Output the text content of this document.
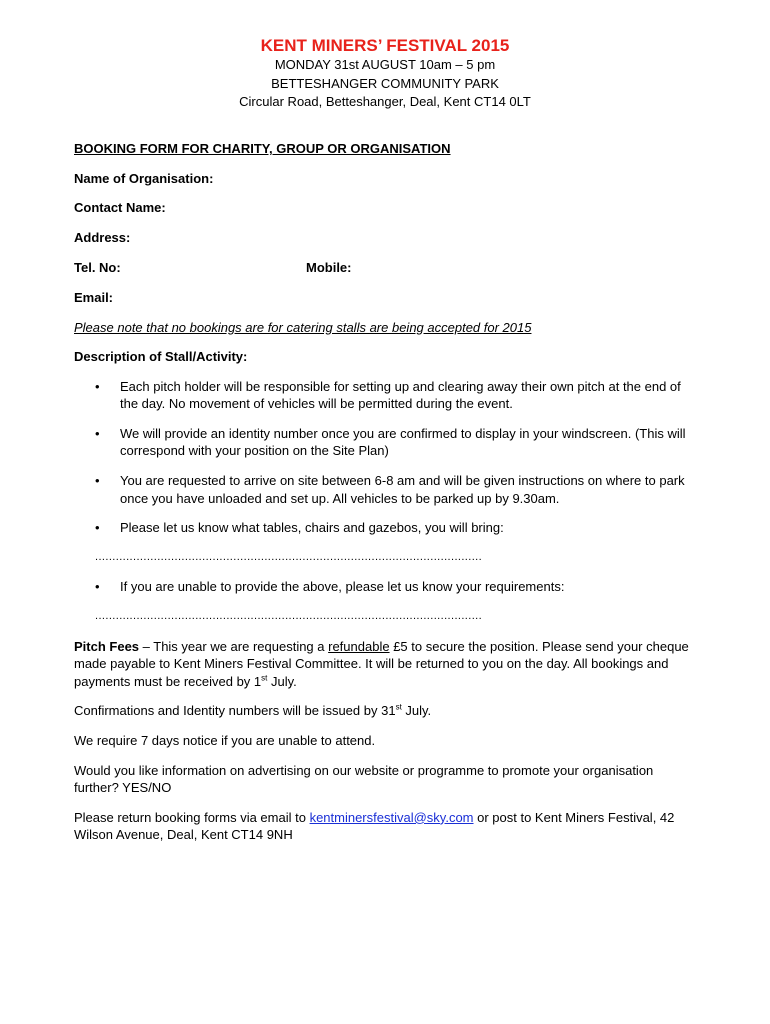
KENT MINERS’ FESTIVAL 2015

MONDAY 31st AUGUST 10am – 5 pm

BETTESHANGER COMMUNITY PARK

Circular Road, Betteshanger, Deal, Kent CT14 0LT

BOOKING FORM FOR CHARITY, GROUP OR ORGANISATION

Name of Organisation:

Contact Name:

Address:

Tel. No:	Mobile:

Email:

Please note that no bookings are for catering stalls are being accepted for 2015

Description of Stall/Activity:

•	Each pitch holder will be responsible for setting up and clearing away their own pitch at the end of the day. No movement of vehicles will be permitted during the event.
•	We will provide an identity number once you are confirmed to display in your windscreen. (This will correspond with your position on the Site Plan)
•	You are requested to arrive on site between 6-8 am and will be given instructions on where to park once you have unloaded and set up. All vehicles to be parked up by 9.30am.
•	Please let us know what tables, chairs and gazebos, you will bring:

................................................................................................................

•	If you are unable to provide the above, please let us know your requirements:

................................................................................................................

Pitch Fees – This year we are requesting a refundable £5 to secure the position. Please send your cheque made payable to Kent Miners Festival Committee. It will be returned to you on the day. All bookings and payments must be received by 1st July.

Confirmations and Identity numbers will be issued by 31st July.

We require 7 days notice if you are unable to attend.

Would you like information on advertising on our website or programme to promote your organisation further? YES/NO

Please return booking forms via email to kentminersfestival@sky.com or post to Kent Miners Festival, 42 Wilson Avenue, Deal, Kent CT14 9NH
